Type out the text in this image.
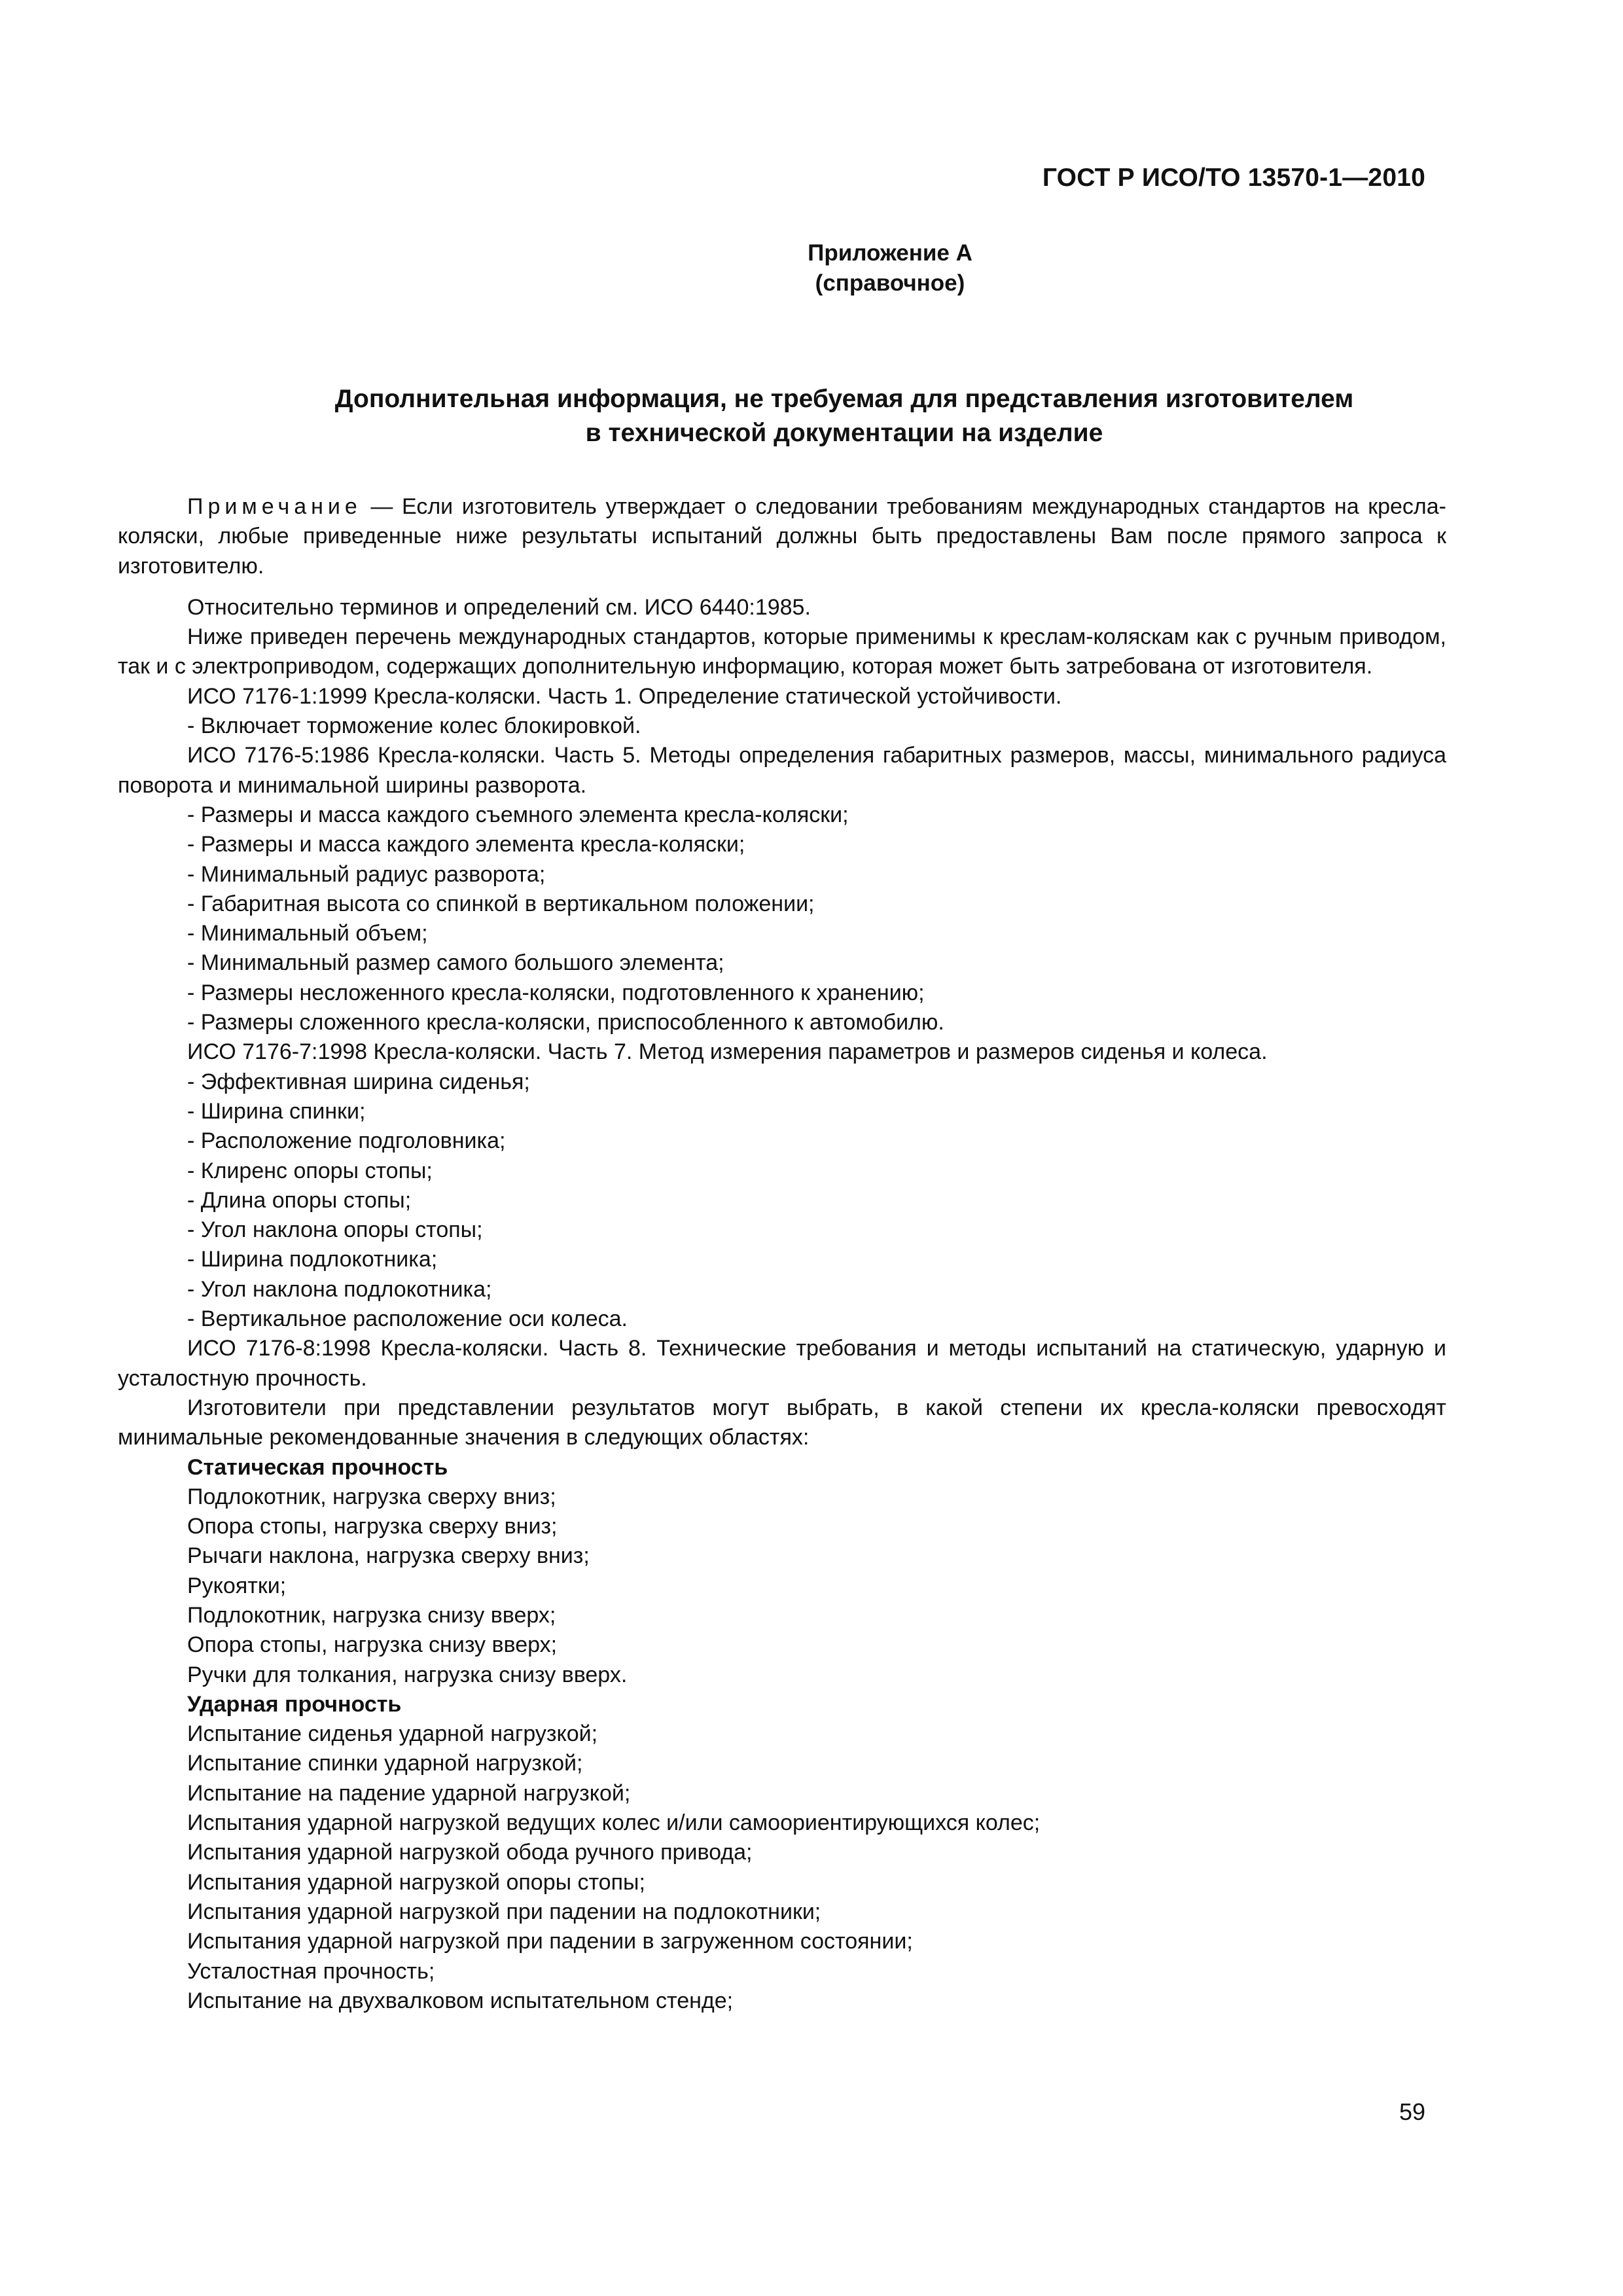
ГОСТ Р ИСО/ТО 13570-1—2010
Приложение А
(справочное)
Дополнительная информация, не требуемая для представления изготовителем
в технической документации на изделие

Примечание — Если изготовитель утверждает о следовании требованиям международных стандартов на кресла-коляски, любые приведенные ниже результаты испытаний должны быть предоставлены Вам после прямого запроса к изготовителю.

Относительно терминов и определений см. ИСО 6440:1985.

Ниже приведен перечень международных стандартов, которые применимы к креслам-коляскам как с ручным приводом, так и с электроприводом, содержащих дополнительную информацию, которая может быть затребована от изготовителя.

ИСО 7176-1:1999 Кресла-коляски. Часть 1. Определение статической устойчивости.

- Включает торможение колес блокировкой.

ИСО 7176-5:1986 Кресла-коляски. Часть 5. Методы определения габаритных размеров, массы, минимального радиуса поворота и минимальной ширины разворота.

- Размеры и масса каждого съемного элемента кресла-коляски;

- Размеры и масса каждого элемента кресла-коляски;

- Минимальный радиус разворота;

- Габаритная высота со спинкой в вертикальном положении;

- Минимальный объем;

- Минимальный размер самого большого элемента;

- Размеры несложенного кресла-коляски, подготовленного к хранению;

- Размеры сложенного кресла-коляски, приспособленного к автомобилю.

ИСО 7176-7:1998 Кресла-коляски. Часть 7. Метод измерения параметров и размеров сиденья и колеса.

- Эффективная ширина сиденья;

- Ширина спинки;

- Расположение подголовника;

- Клиренс опоры стопы;

- Длина опоры стопы;

- Угол наклона опоры стопы;

- Ширина подлокотника;

- Угол наклона подлокотника;

- Вертикальное расположение оси колеса.

ИСО 7176-8:1998 Кресла-коляски. Часть 8. Технические требования и методы испытаний на статическую, ударную и усталостную прочность.

Изготовители при представлении результатов могут выбрать, в какой степени их кресла-коляски превосходят минимальные рекомендованные значения в следующих областях:

Статическая прочность

Подлокотник, нагрузка сверху вниз;

Опора стопы, нагрузка сверху вниз;

Рычаги наклона, нагрузка сверху вниз;

Рукоятки;

Подлокотник, нагрузка снизу вверх;

Опора стопы, нагрузка снизу вверх;

Ручки для толкания, нагрузка снизу вверх.

Ударная прочность

Испытание сиденья ударной нагрузкой;

Испытание спинки ударной нагрузкой;

Испытание на падение ударной нагрузкой;

Испытания ударной нагрузкой ведущих колес и/или самоориентирующихся колес;

Испытания ударной нагрузкой обода ручного привода;

Испытания ударной нагрузкой опоры стопы;

Испытания ударной нагрузкой при падении на подлокотники;

Испытания ударной нагрузкой при падении в загруженном состоянии;

Усталостная прочность;

Испытание на двухвалковом испытательном стенде;

59
